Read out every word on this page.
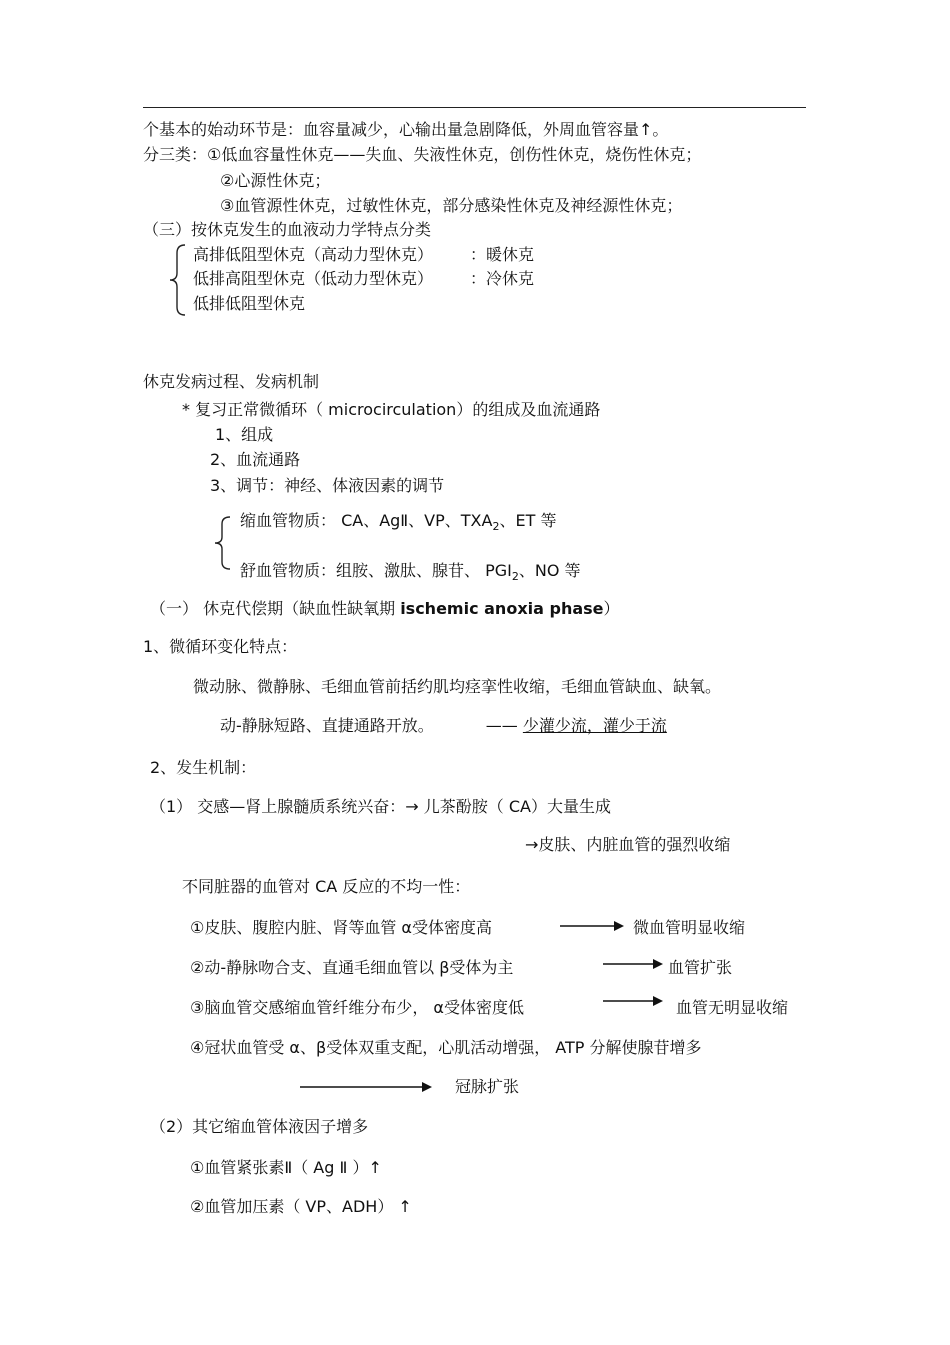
个基本的始动环节是：血容量减少，心输出量急剧降低，外周血管容量↑。
分三类：①低血容量性休克——失血、失液性休克，创伤性休克，烧伤性休克；
②心源性休克；
③血管源性休克，过敏性休克，部分感染性休克及神经源性休克；
（三）按休克发生的血液动力学特点分类
高排低阻型休克（高动力型休克） ：暖休克
低排高阻型休克（低动力型休克） ：冷休克
低排低阻型休克
休克发病过程、发病机制
* 复习正常微循环（ microcirculation）的组成及血流通路
1、组成
2、血流通路
3、调节：神经、体液因素的调节
缩血管物质： CA、AgⅡ、VP、$TXA_2$、ET 等
舒血管物质：组胺、激肽、腺苷、 $PGI_2$、NO 等
（一） 休克代偿期（缺血性缺氧期 ischemic anoxia phase）
1、微循环变化特点：
微动脉、微静脉、毛细血管前括约肌均痉挛性收缩，毛细血管缺血、缺氧。
动-静脉短路、直捷通路开放。	—— 少灌少流，灌少于流
2、发生机制：
（1） 交感—肾上腺髓质系统兴奋：→ 儿茶酚胺（ CA）大量生成
→皮肤、内脏血管的强烈收缩
不同脏器的血管对 CA 反应的不均一性：
①皮肤、腹腔内脏、肾等血管 α受体密度高	微血管明显收缩
②动-静脉吻合支、直通毛细血管以 β受体为主	血管扩张
③脑血管交感缩血管纤维分布少， α受体密度低	血管无明显收缩
④冠状血管受 α、β受体双重支配，心肌活动增强， ATP 分解使腺苷增多
冠脉扩张
（2）其它缩血管体液因子增多
①血管紧张素Ⅱ（ Ag Ⅱ ）↑
②血管加压素（ VP、ADH） ↑
